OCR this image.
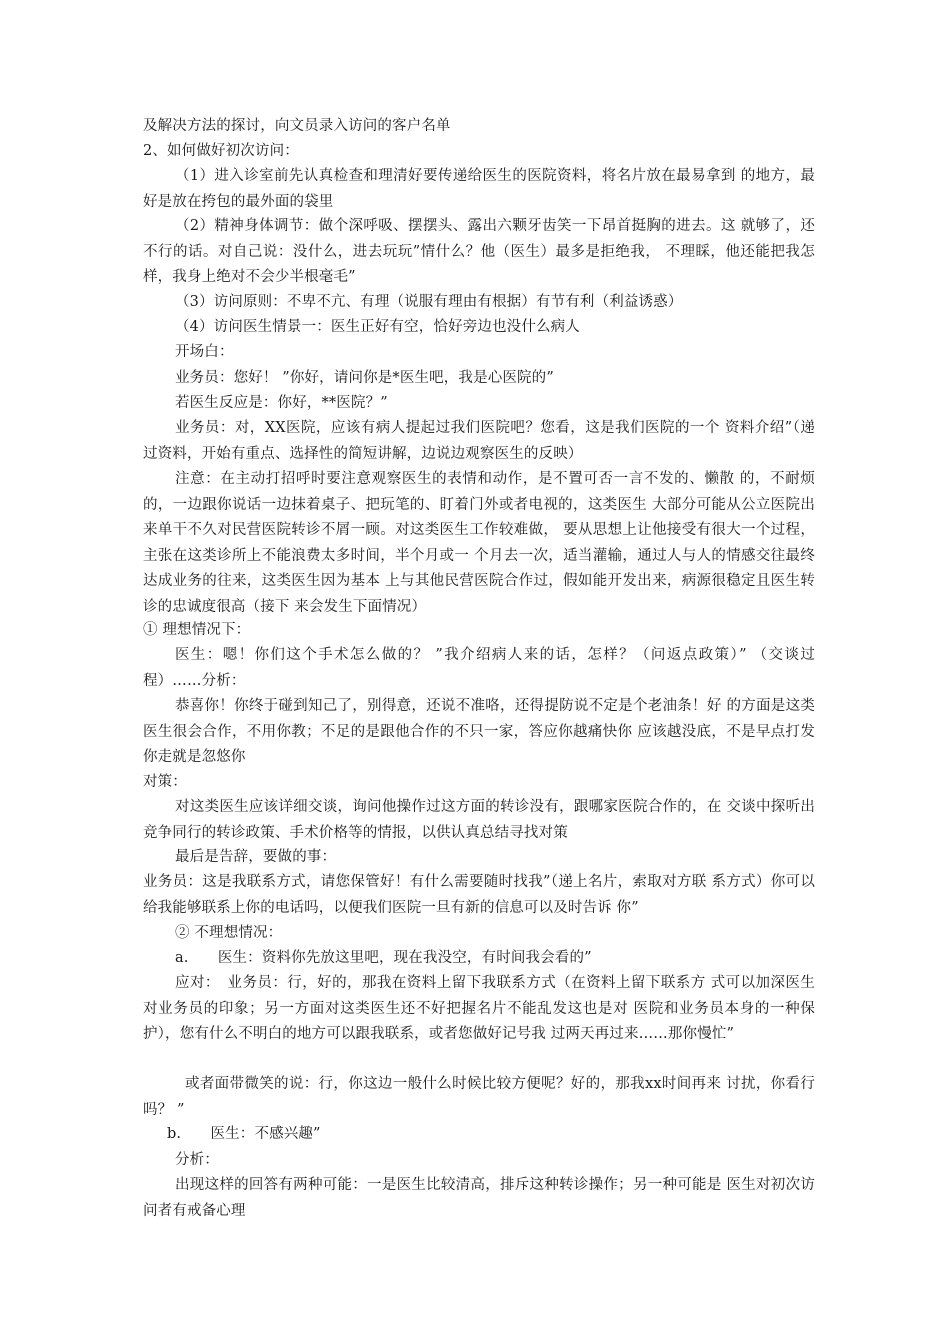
及解决方法的探讨，向文员录入访问的客户名单

2、如何做好初次访问：

（1）进入诊室前先认真检查和理清好要传递给医生的医院资料，将名片放在最易拿到 的地方，最好是放在挎包的最外面的袋里

（2）精神身体调节：做个深呼吸、摆摆头、露出六颗牙齿笑一下昂首挺胸的进去。这 就够了，还不行的话。对自己说：没什么，进去玩玩”情什么？他（医生）最多是拒绝我， 不理睬，他还能把我怎样，我身上绝对不会少半根毫毛”

（3）访问原则：不卑不亢、有理（说服有理由有根据）有节有利（利益诱惑）

（4）访问医生情景一：医生正好有空，恰好旁边也没什么病人

开场白：

业务员：您好！ ”你好，请问你是*医生吧，我是心医院的”

若医生反应是：你好，**医院？”

业务员：对，XX医院，应该有病人提起过我们医院吧？您看，这是我们医院的一个 资料介绍”（递过资料，开始有重点、选择性的简短讲解，边说边观察医生的反映）

注意：在主动打招呼时要注意观察医生的表情和动作，是不置可否一言不发的、懒散 的，不耐烦的，一边跟你说话一边抹着桌子、把玩笔的、盯着门外或者电视的，这类医生 大部分可能从公立医院出来单干不久对民营医院转诊不屑一顾。对这类医生工作较难做， 要从思想上让他接受有很大一个过程，主张在这类诊所上不能浪费太多时间，半个月或一 个月去一次，适当灌输，通过人与人的情感交往最终达成业务的往来，这类医生因为基本 上与其他民营医院合作过，假如能开发出来，病源很稳定且医生转诊的忠诚度很高（接下 来会发生下面情况）

① 理想情况下：

医生：嗯！你们这个手术怎么做的？ ”我介绍病人来的话，怎样？（问返点政策）” （交谈过程）……分析：

恭喜你！你终于碰到知己了，别得意，还说不准咯，还得提防说不定是个老油条！好 的方面是这类医生很会合作，不用你教；不足的是跟他合作的不只一家，答应你越痛快你 应该越没底，不是早点打发你走就是忽悠你

对策：

对这类医生应该详细交谈，询问他操作过这方面的转诊没有，跟哪家医院合作的，在 交谈中探听出竞争同行的转诊政策、手术价格等的情报，以供认真总结寻找对策

最后是告辞，要做的事：

业务员：这是我联系方式，请您保管好！有什么需要随时找我”（递上名片，索取对方联 系方式）你可以给我能够联系上你的电话吗，以便我们医院一旦有新的信息可以及时告诉 你”

② 不理想情况：

a.　　医生：资料你先放这里吧，现在我没空，有时间我会看的”

应对：　业务员：行，好的，那我在资料上留下我联系方式（在资料上留下联系方 式可以加深医生对业务员的印象；另一方面对这类医生还不好把握名片不能乱发这也是对 医院和业务员本身的一种保护），您有什么不明白的地方可以跟我联系，或者您做好记号我 过两天再过来……那你慢忙”

或者面带微笑的说：行，你这边一般什么时候比较方便呢？好的，那我xx时间再来 讨扰，你看行吗？ ”

b.　　医生：不感兴趣”

分析：

出现这样的回答有两种可能：一是医生比较清高，排斥这种转诊操作；另一种可能是 医生对初次访问者有戒备心理
